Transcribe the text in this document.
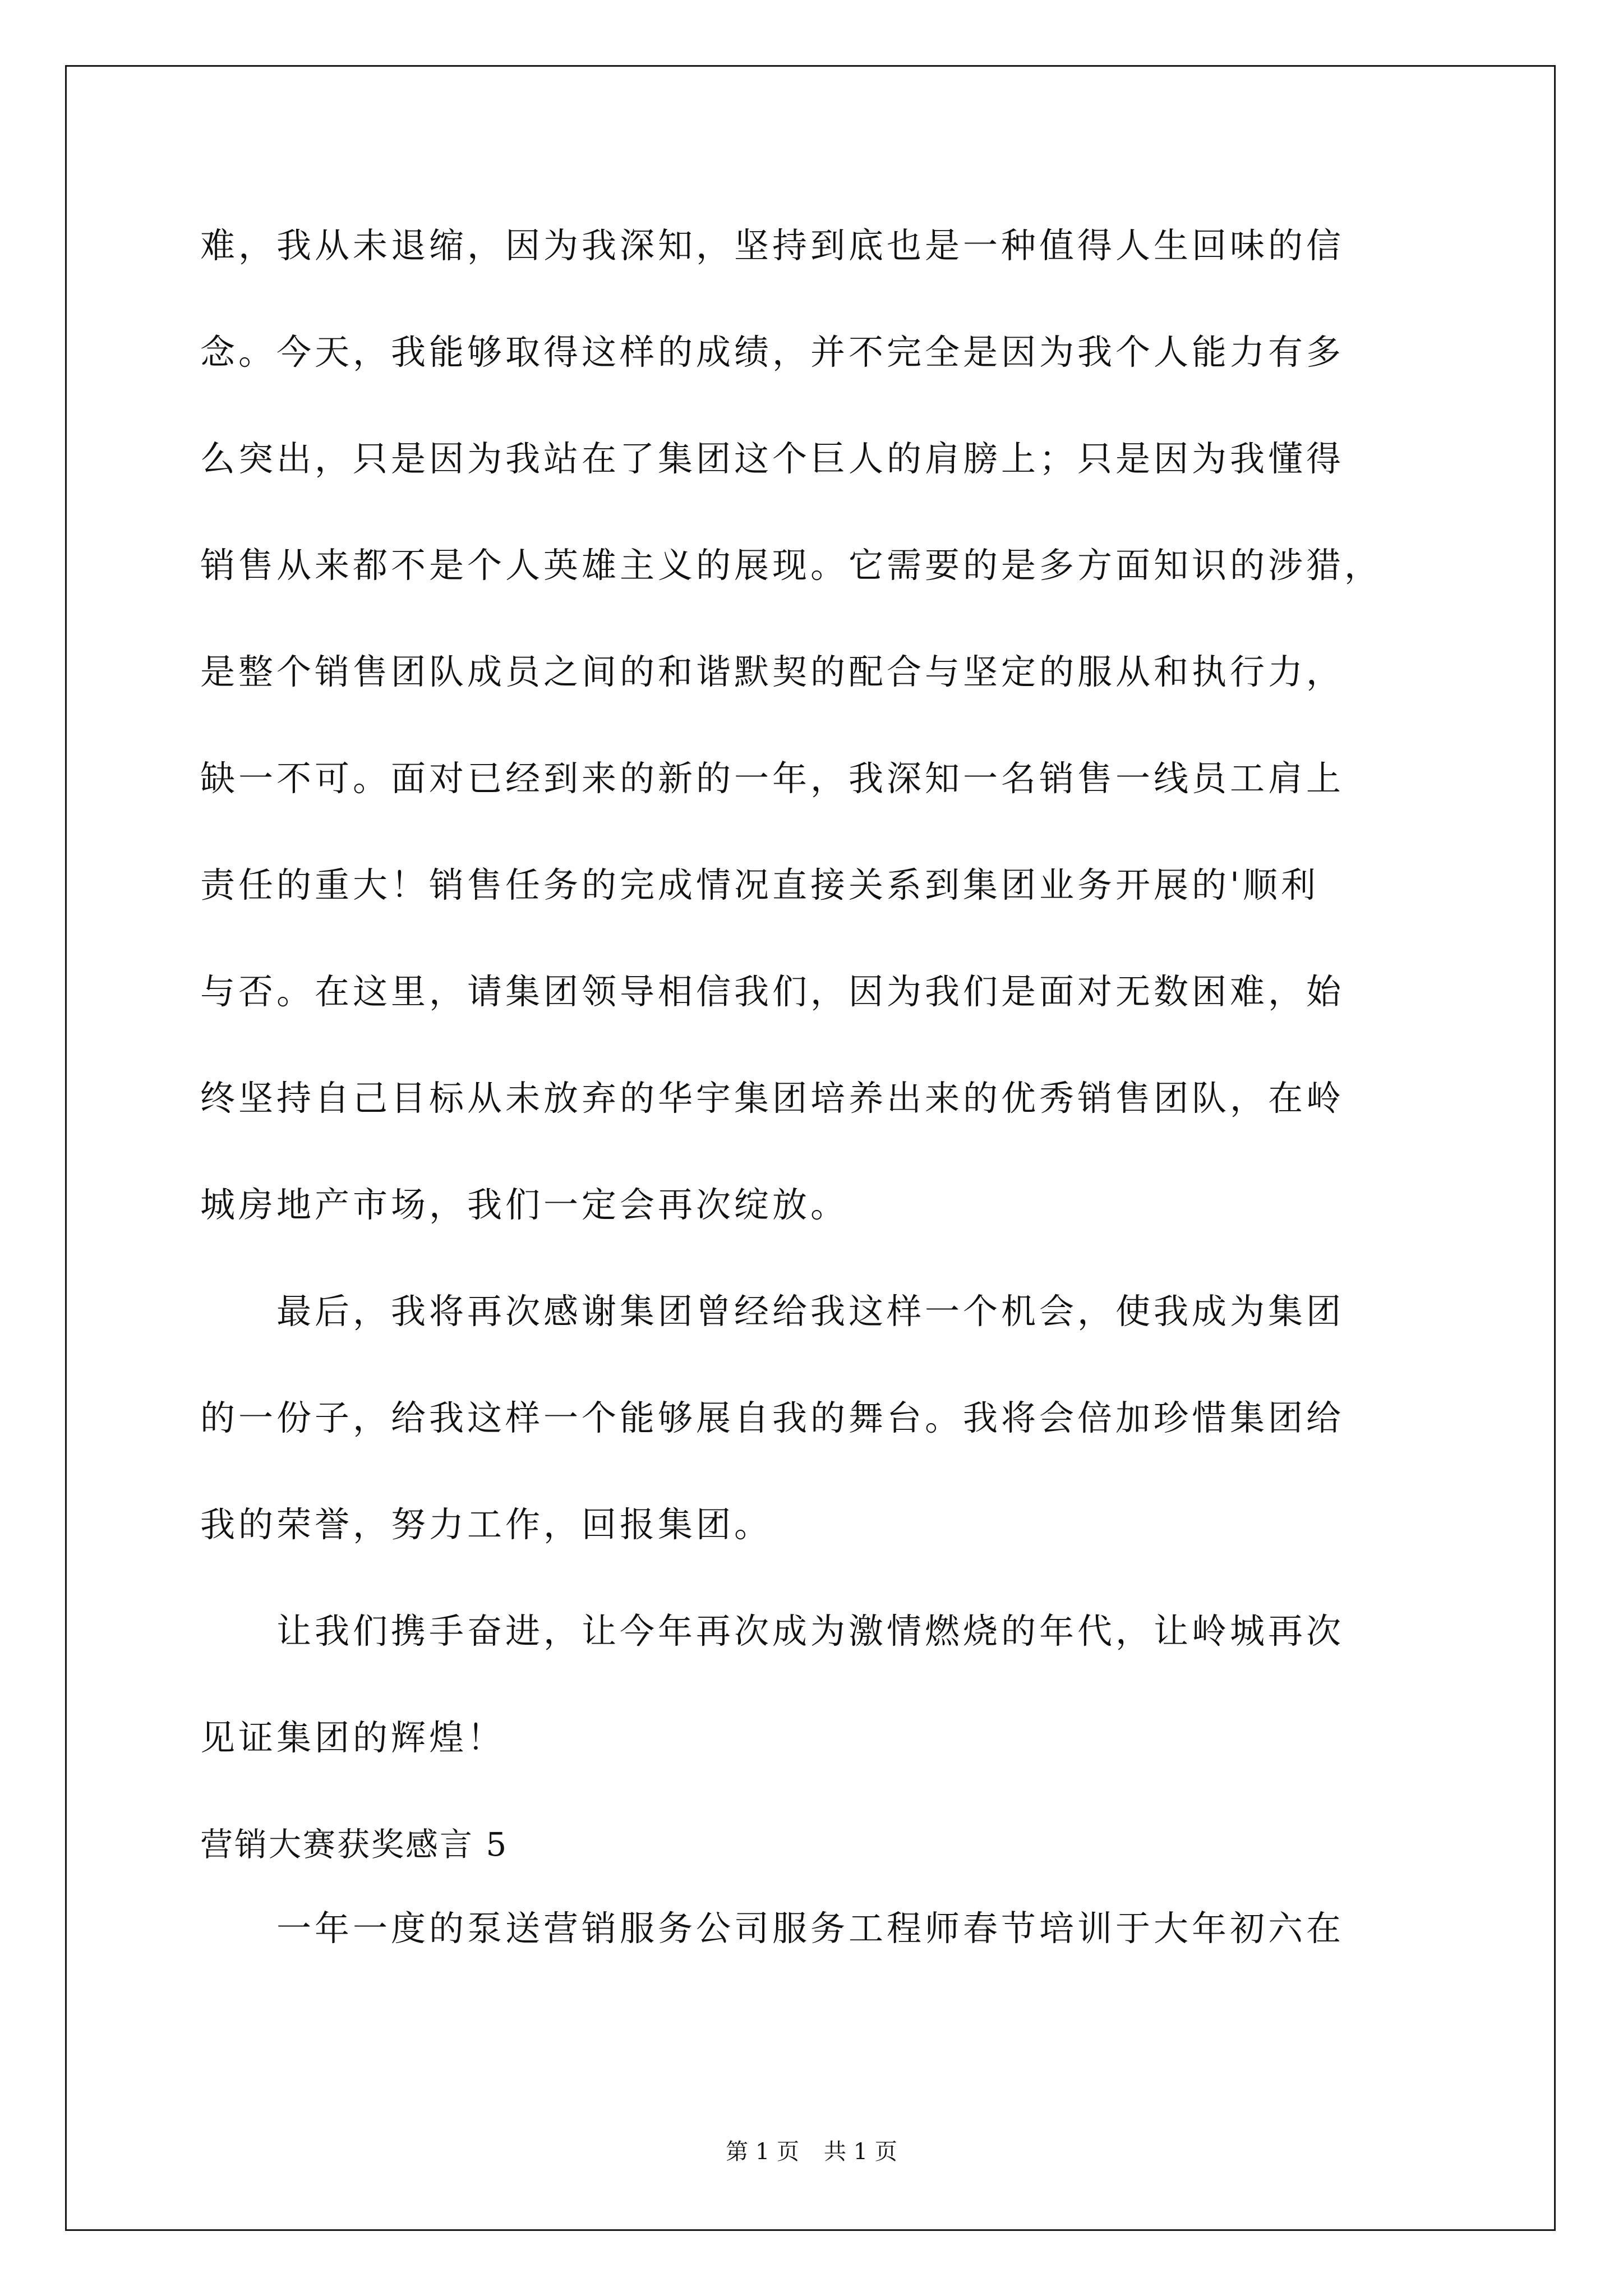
难，我从未退缩，因为我深知，坚持到底也是一种值得人生回味的信
念。今天，我能够取得这样的成绩，并不完全是因为我个人能力有多
么突出，只是因为我站在了集团这个巨人的肩膀上；只是因为我懂得
销售从来都不是个人英雄主义的展现。它需要的是多方面知识的涉猎，
是整个销售团队成员之间的和谐默契的配合与坚定的服从和执行力，
缺一不可。面对已经到来的新的一年，我深知一名销售一线员工肩上
责任的重大！销售任务的完成情况直接关系到集团业务开展的'顺利
与否。在这里，请集团领导相信我们，因为我们是面对无数困难，始
终坚持自己目标从未放弃的华宇集团培养出来的优秀销售团队，在岭
城房地产市场，我们一定会再次绽放。
　　最后，我将再次感谢集团曾经给我这样一个机会，使我成为集团
的一份子，给我这样一个能够展自我的舞台。我将会倍加珍惜集团给
我的荣誉，努力工作，回报集团。
　　让我们携手奋进，让今年再次成为激情燃烧的年代，让岭城再次
见证集团的辉煌！
营销大赛获奖感言 5
　　一年一度的泵送营销服务公司服务工程师春节培训于大年初六在
第 1 页 共 1 页
